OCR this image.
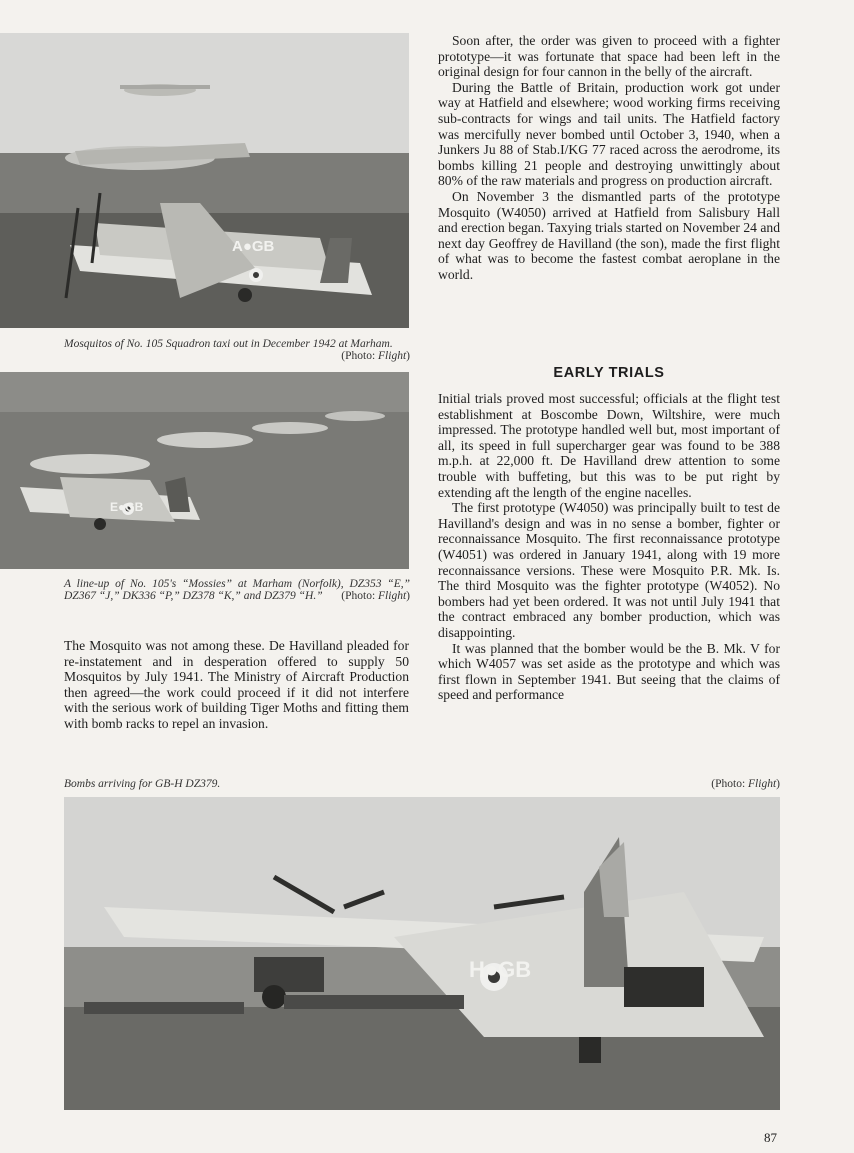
A●GB
Mosquitos of No. 105 Squadron taxi out in December 1942 at Marham.
(Photo: Flight)
E●GB
A line-up of No. 105's “Mossies” at Marham (Norfolk), DZ353 “E,” DZ367 “J,” DK336 “P,” DZ378 “K,” and DZ379 “H.” (Photo: Flight)

The Mosquito was not among these. De Havilland pleaded for re-instatement and in desperation offered to supply 50 Mosquitos by July 1941. The Ministry of Aircraft Production then agreed—the work could proceed if it did not interfere with the serious work of building Tiger Moths and fitting them with bomb racks to repel an invasion.

Soon after, the order was given to proceed with a fighter prototype—it was fortunate that space had been left in the original design for four cannon in the belly of the aircraft.

During the Battle of Britain, production work got under way at Hatfield and elsewhere; wood working firms receiving sub-contracts for wings and tail units. The Hatfield factory was mercifully never bombed until October 3, 1940, when a Junkers Ju 88 of Stab.I/KG 77 raced across the aerodrome, its bombs killing 21 people and destroying unwittingly about 80% of the raw materials and progress on production aircraft.

On November 3 the dismantled parts of the prototype Mosquito (W4050) arrived at Hatfield from Salisbury Hall and erection began. Taxying trials started on November 24 and next day Geoffrey de Havilland (the son), made the first flight of what was to become the fastest combat aeroplane in the world.

EARLY TRIALS

Initial trials proved most successful; officials at the flight test establishment at Boscombe Down, Wiltshire, were much impressed. The prototype handled well but, most important of all, its speed in full supercharger gear was found to be 388 m.p.h. at 22,000 ft. De Havilland drew attention to some trouble with buffeting, but this was to be put right by extending aft the length of the engine nacelles.

The first prototype (W4050) was principally built to test de Havilland's design and was in no sense a bomber, fighter or reconnaissance Mosquito. The first reconnaissance prototype (W4051) was ordered in January 1941, along with 19 more reconnaissance versions. These were Mosquito P.R. Mk. Is. The third Mosquito was the fighter prototype (W4052). No bombers had yet been ordered. It was not until July 1941 that the contract embraced any bomber production, which was disappointing.

It was planned that the bomber would be the B. Mk. V for which W4057 was set aside as the prototype and which was first flown in September 1941. But seeing that the claims of speed and performance

Bombs arriving for GB-H DZ379.	(Photo: Flight)
H●GB
87
